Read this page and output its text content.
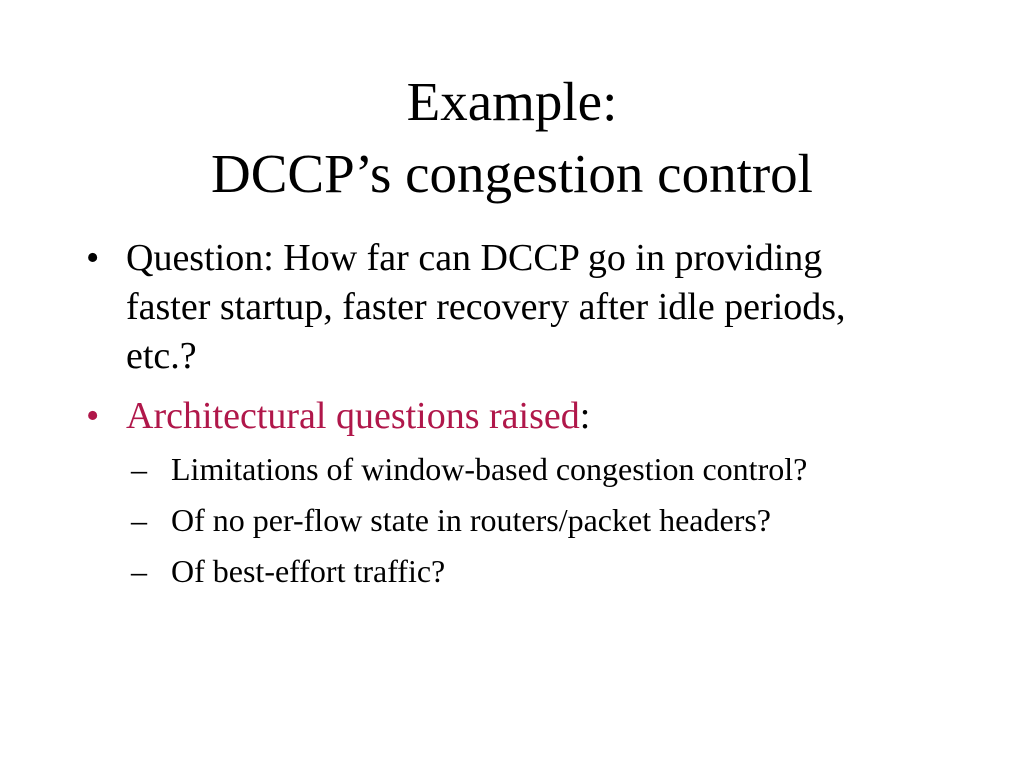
Example:
DCCP’s congestion control
• Question: How far can DCCP go in providing faster startup, faster recovery after idle periods, etc.?
• Architectural questions raised:
– Limitations of window-based congestion control?
– Of no per-flow state in routers/packet headers?
– Of best-effort traffic?
